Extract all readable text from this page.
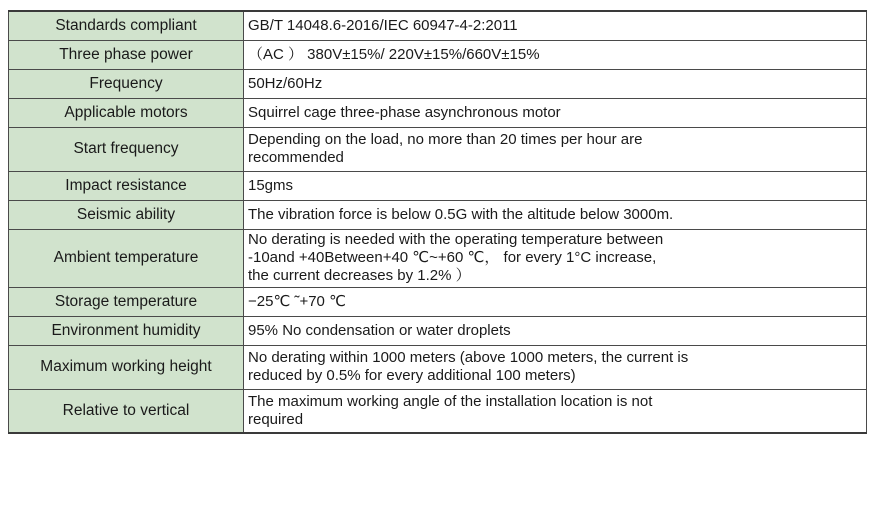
Standards compliant	GB/T 14048.6-2016/IEC 60947-4-2:2011

Three phase power	（AC ） 380V±15%/ 220V±15%/660V±15%

Frequency	50Hz/60Hz

Applicable motors	Squirrel cage three-phase asynchronous motor

Start frequency	Depending on the load, no more than 20 times per hour are
recommended

Impact resistance	15gms

Seismic ability	The vibration force is below 0.5G with the altitude below 3000m.

Ambient temperature	No derating is needed with the operating temperature between
-10and +40Between+40 ℃~+60 ℃， for every 1°C increase,
the current decreases by 1.2% ）

Storage temperature	−25℃ ˜+70 ℃

Environment humidity	95% No condensation or water droplets

Maximum working height	No derating within 1000 meters (above 1000 meters, the current is
reduced by 0.5% for every additional 100 meters)

Relative to vertical	The maximum working angle of the installation location is not
required
